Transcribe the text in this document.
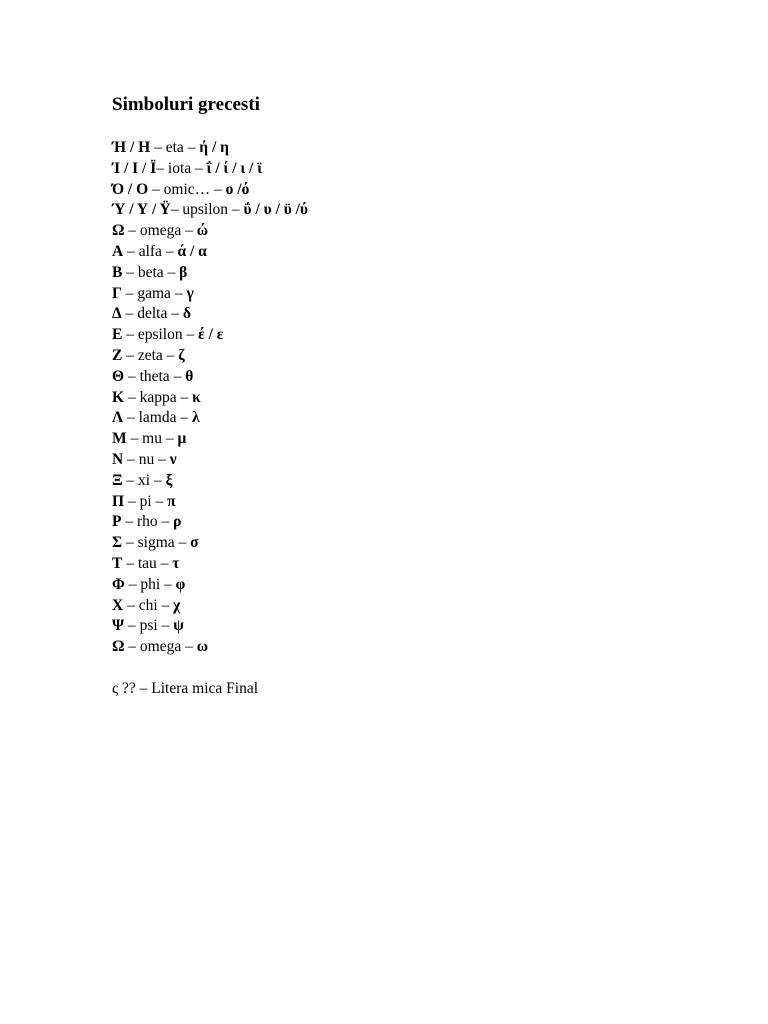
Simboluri grecesti
Ή / Η – eta – ή / η
Ί / Ι / Ϊ– iota – ΐ / ί / ι / ϊ
Ό / Ο – omic… – ο /ό
Ύ / Υ / Ϋ– upsilon – ΰ / υ / ϋ /ύ
Ω – omega – ώ
Α – alfa – ά / α
Β – beta – β
Γ – gama – γ
Δ – delta – δ
Ε – epsilon – έ / ε
Ζ – zeta – ζ
Θ – theta – θ
Κ – kappa – κ
Λ – lamda – λ
Μ – mu – μ
Ν – nu – ν
Ξ – xi – ξ
Π – pi – π
Ρ – rho – ρ
Σ – sigma – σ
Τ – tau – τ
Φ – phi – φ
Χ – chi – χ
Ψ – psi – ψ
Ω – omega – ω
ς ?? – Litera mica Final
